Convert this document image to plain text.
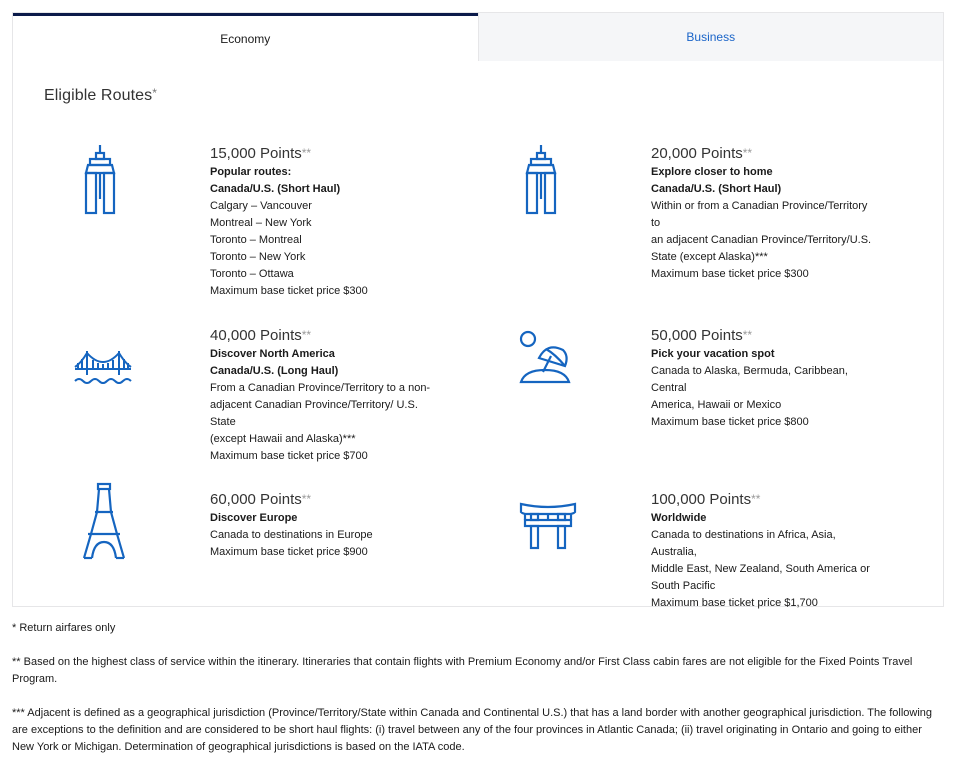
Economy	Business
Eligible Routes*
15,000 Points**
Popular routes:
Canada/U.S. (Short Haul)
Calgary – Vancouver
Montreal – New York
Toronto – Montreal
Toronto – New York
Toronto – Ottawa
Maximum base ticket price $300
20,000 Points**
Explore closer to home
Canada/U.S. (Short Haul)
Within or from a Canadian Province/Territory to
an adjacent Canadian Province/Territory/U.S.
State (except Alaska)***
Maximum base ticket price $300
40,000 Points**
Discover North America
Canada/U.S. (Long Haul)
From a Canadian Province/Territory to a non-
adjacent Canadian Province/Territory/ U.S. State
(except Hawaii and Alaska)***
Maximum base ticket price $700
50,000 Points**
Pick your vacation spot
Canada to Alaska, Bermuda, Caribbean, Central
America, Hawaii or Mexico
Maximum base ticket price $800
60,000 Points**
Discover Europe
Canada to destinations in Europe
Maximum base ticket price $900
100,000 Points**
Worldwide
Canada to destinations in Africa, Asia, Australia,
Middle East, New Zealand, South America or
South Pacific
Maximum base ticket price $1,700

* Return airfares only

** Based on the highest class of service within the itinerary. Itineraries that contain flights with Premium Economy and/or First Class cabin fares are not eligible for the Fixed Points Travel Program.

*** Adjacent is defined as a geographical jurisdiction (Province/Territory/State within Canada and Continental U.S.) that has a land border with another geographical jurisdiction. The following are exceptions to the definition and are considered to be short haul flights: (i) travel between any of the four provinces in Atlantic Canada; (ii) travel originating in Ontario and going to either New York or Michigan. Determination of geographical jurisdictions is based on the IATA code.
